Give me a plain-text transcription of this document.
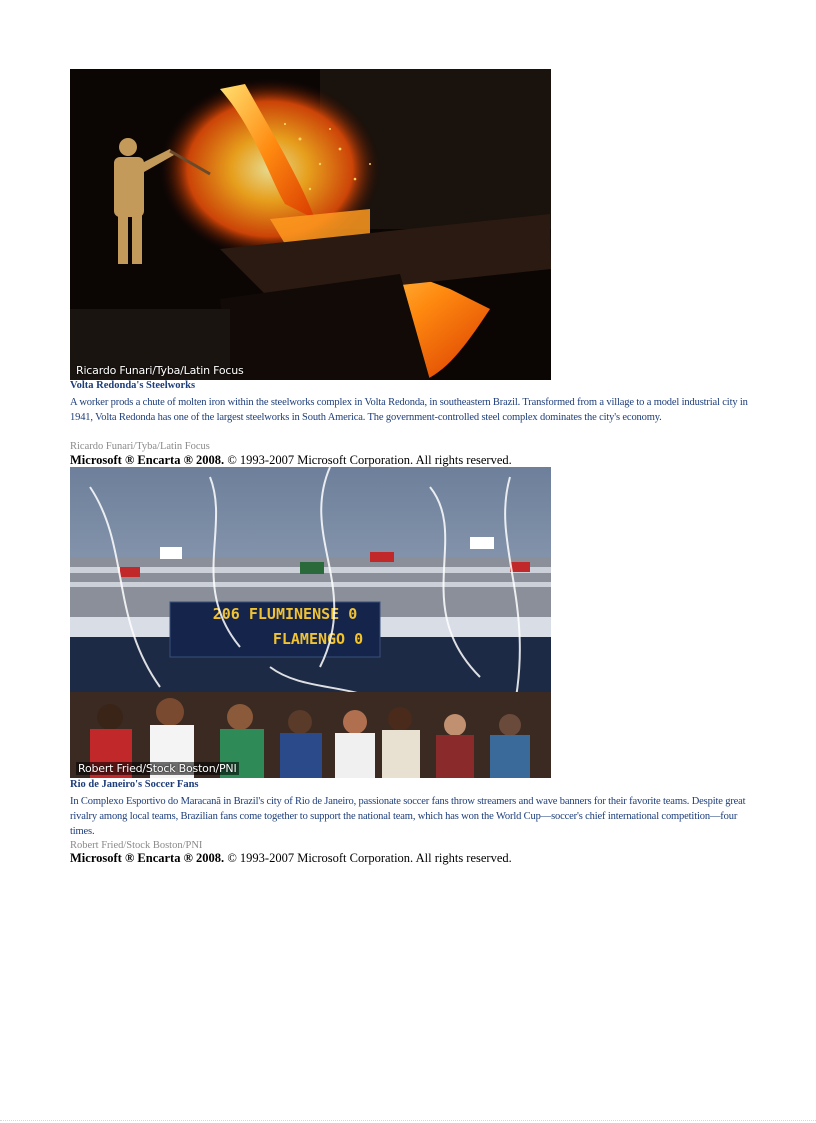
Ricardo Funari/Tyba/Latin Focus
Volta Redonda's Steelworks
A worker prods a chute of molten iron within the steelworks complex in Volta Redonda, in southeastern Brazil. Transformed from a village to a model industrial city in 1941, Volta Redonda has one of the largest steelworks in South America. The government-controlled steel complex dominates the city's economy.
Ricardo Funari/Tyba/Latin Focus
Microsoft ® Encarta ® 2008. © 1993-2007 Microsoft Corporation. All rights reserved.
206 FLUMINENSE 0
FLAMENGO 0
Robert Fried/Stock Boston/PNI
Rio de Janeiro's Soccer Fans
In Complexo Esportivo do Maracanã in Brazil's city of Rio de Janeiro, passionate soccer fans throw streamers and wave banners for their favorite teams. Despite great rivalry among local teams, Brazilian fans come together to support the national team, which has won the World Cup—soccer's chief international competition—four times.
Robert Fried/Stock Boston/PNI
Microsoft ® Encarta ® 2008. © 1993-2007 Microsoft Corporation. All rights reserved.
